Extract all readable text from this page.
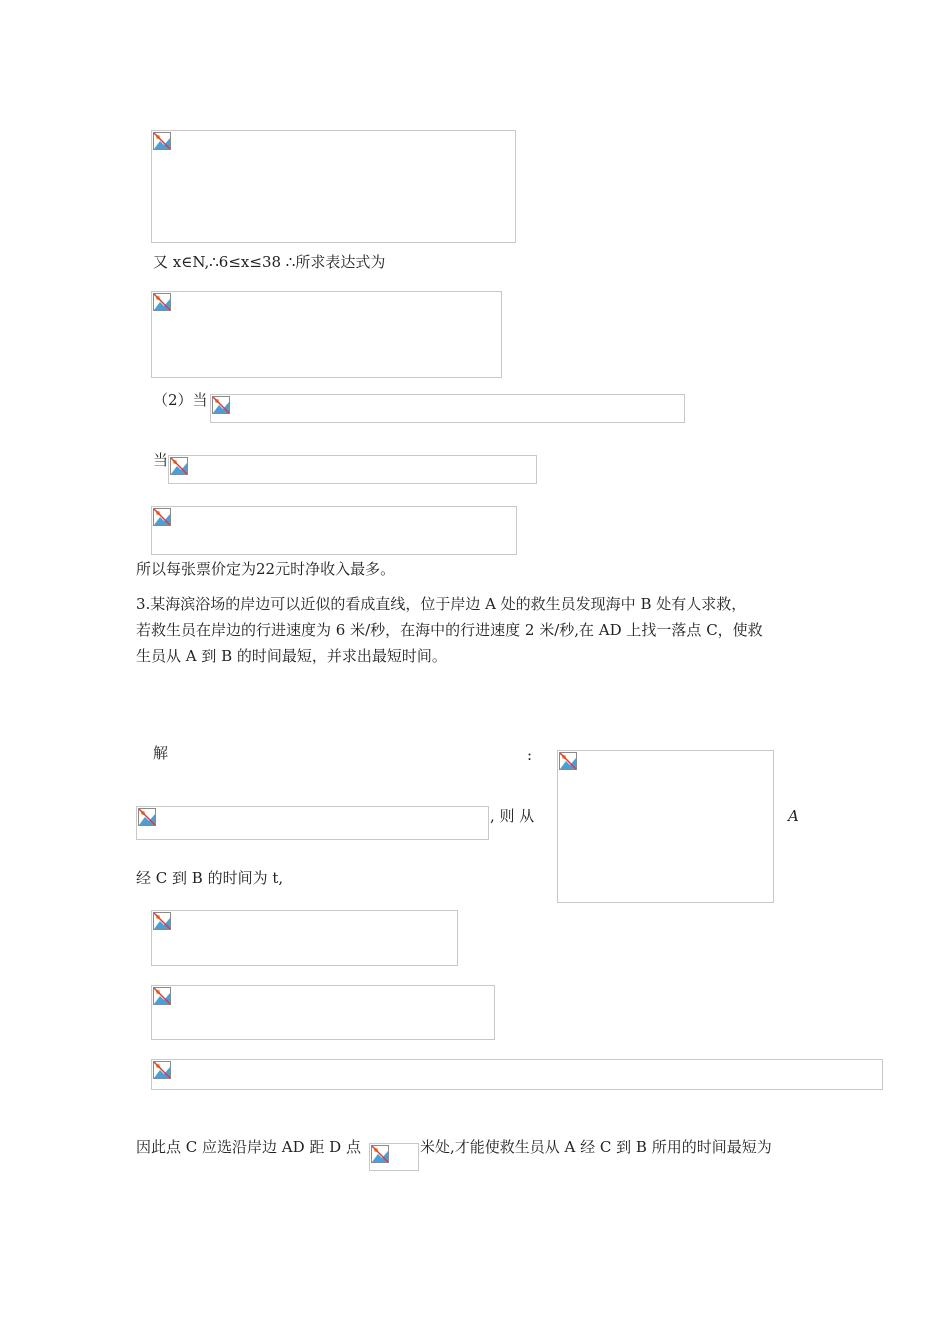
又 x∈N,∴6≤x≤38 ∴所求表达式为
（2）当
当
所以每张票价定为22元时净收入最多。
3.某海滨浴场的岸边可以近似的看成直线，位于岸边 A 处的救生员发现海中 B 处有人求救，
若救生员在岸边的行进速度为 6 米/秒，在海中的行进速度 2 米/秒,在 AD 上找一落点 C，使救
生员从 A 到 B 的时间最短，并求出最短时间。
解	:
, 则 从	A
经 C 到 B 的时间为 t,
因此点 C 应选沿岸边 AD 距 D 点	米处,才能使救生员从 A 经 C 到 B 所用的时间最短为
